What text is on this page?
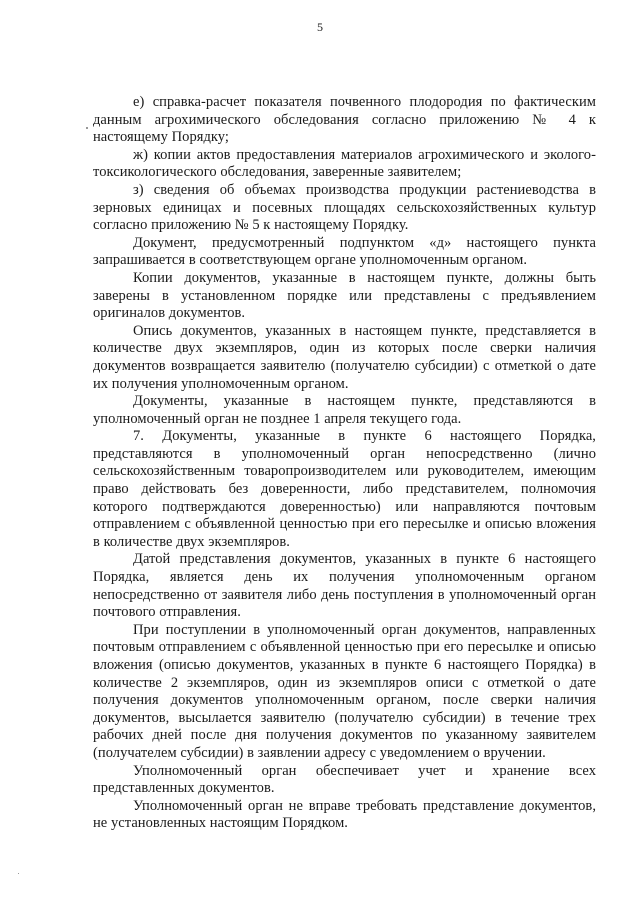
5

е) справка-расчет показателя почвенного плодородия по фактическим данным агрохимического обследования согласно приложению № 4 к настоящему Порядку;

ж) копии актов предоставления материалов агрохимического и эколого-токсикологического обследования, заверенные заявителем;

з) сведения об объемах производства продукции растениеводства в зерновых единицах и посевных площадях сельскохозяйственных культур согласно приложению № 5 к настоящему Порядку.

Документ, предусмотренный подпунктом «д» настоящего пункта запрашивается в соответствующем органе уполномоченным органом.

Копии документов, указанные в настоящем пункте, должны быть заверены в установленном порядке или представлены с предъявлением оригиналов документов.

Опись документов, указанных в настоящем пункте, представляется в количестве двух экземпляров, один из которых после сверки наличия документов возвращается заявителю (получателю субсидии) с отметкой о дате их получения уполномоченным органом.

Документы, указанные в настоящем пункте, представляются в уполномоченный орган не позднее 1 апреля текущего года.

7. Документы, указанные в пункте 6 настоящего Порядка, представляются в уполномоченный орган непосредственно (лично сельскохозяйственным товаропроизводителем или руководителем, имеющим право действовать без доверенности, либо представителем, полномочия которого подтверждаются доверенностью) или направляются почтовым отправлением с объявленной ценностью при его пересылке и описью вложения в количестве двух экземпляров.

Датой представления документов, указанных в пункте 6 настоящего Порядка, является день их получения уполномоченным органом непосредственно от заявителя либо день поступления в уполномоченный орган почтового отправления.

При поступлении в уполномоченный орган документов, направленных почтовым отправлением с объявленной ценностью при его пересылке и описью вложения (описью документов, указанных в пункте 6 настоящего Порядка) в количестве 2 экземпляров, один из экземпляров описи с отметкой о дате получения документов уполномоченным органом, после сверки наличия документов, высылается заявителю (получателю субсидии) в течение трех рабочих дней после дня получения документов по указанному заявителем (получателем субсидии) в заявлении адресу с уведомлением о вручении.

Уполномоченный орган обеспечивает учет и хранение всех представленных документов.

Уполномоченный орган не вправе требовать представление документов, не установленных настоящим Порядком.
